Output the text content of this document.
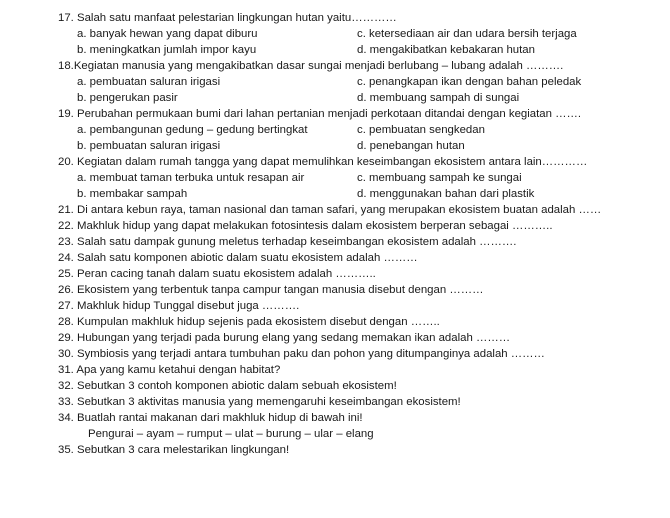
17. Salah satu manfaat pelestarian lingkungan hutan yaitu…………
a. banyak hewan yang dapat diburu	c. ketersediaan air dan udara bersih terjaga
b. meningkatkan jumlah impor kayu	d. mengakibatkan kebakaran hutan
18.Kegiatan manusia yang mengakibatkan dasar sungai menjadi berlubang – lubang adalah ……….
a. pembuatan saluran irigasi	c. penangkapan ikan dengan bahan peledak
b. pengerukan pasir	d. membuang sampah di sungai
19. Perubahan permukaan bumi dari lahan pertanian menjadi perkotaan ditandai dengan kegiatan …….
a. pembangunan gedung – gedung bertingkat	c. pembuatan sengkedan
b. pembuatan saluran irigasi	d. penebangan hutan
20. Kegiatan dalam rumah tangga yang dapat memulihkan keseimbangan ekosistem antara lain…………
a. membuat taman terbuka untuk resapan air	c. membuang sampah ke sungai
b. membakar sampah	d. menggunakan bahan dari plastik
21. Di antara kebun raya, taman nasional dan taman safari, yang merupakan ekosistem buatan adalah ……
22. Makhluk hidup yang dapat melakukan fotosintesis dalam ekosistem berperan sebagai ………..
23. Salah satu dampak gunung meletus terhadap keseimbangan ekosistem adalah ……….
24. Salah satu komponen abiotic dalam suatu ekosistem adalah ………
25. Peran cacing tanah dalam suatu ekosistem adalah ………..
26. Ekosistem yang terbentuk tanpa campur tangan manusia disebut dengan ………
27. Makhluk hidup Tunggal disebut juga ……….
28. Kumpulan makhluk hidup sejenis pada ekosistem disebut dengan ……..
29. Hubungan yang terjadi pada burung elang yang sedang memakan ikan adalah ………
30. Symbiosis yang terjadi antara tumbuhan paku dan pohon yang ditumpanginya adalah ………
31. Apa yang kamu ketahui dengan habitat?
32. Sebutkan 3 contoh komponen abiotic dalam sebuah ekosistem!
33. Sebutkan 3 aktivitas manusia yang memengaruhi keseimbangan ekosistem!
34. Buatlah rantai makanan dari makhluk hidup di bawah ini!
Pengurai – ayam – rumput – ulat – burung – ular – elang
35. Sebutkan 3 cara melestarikan lingkungan!
